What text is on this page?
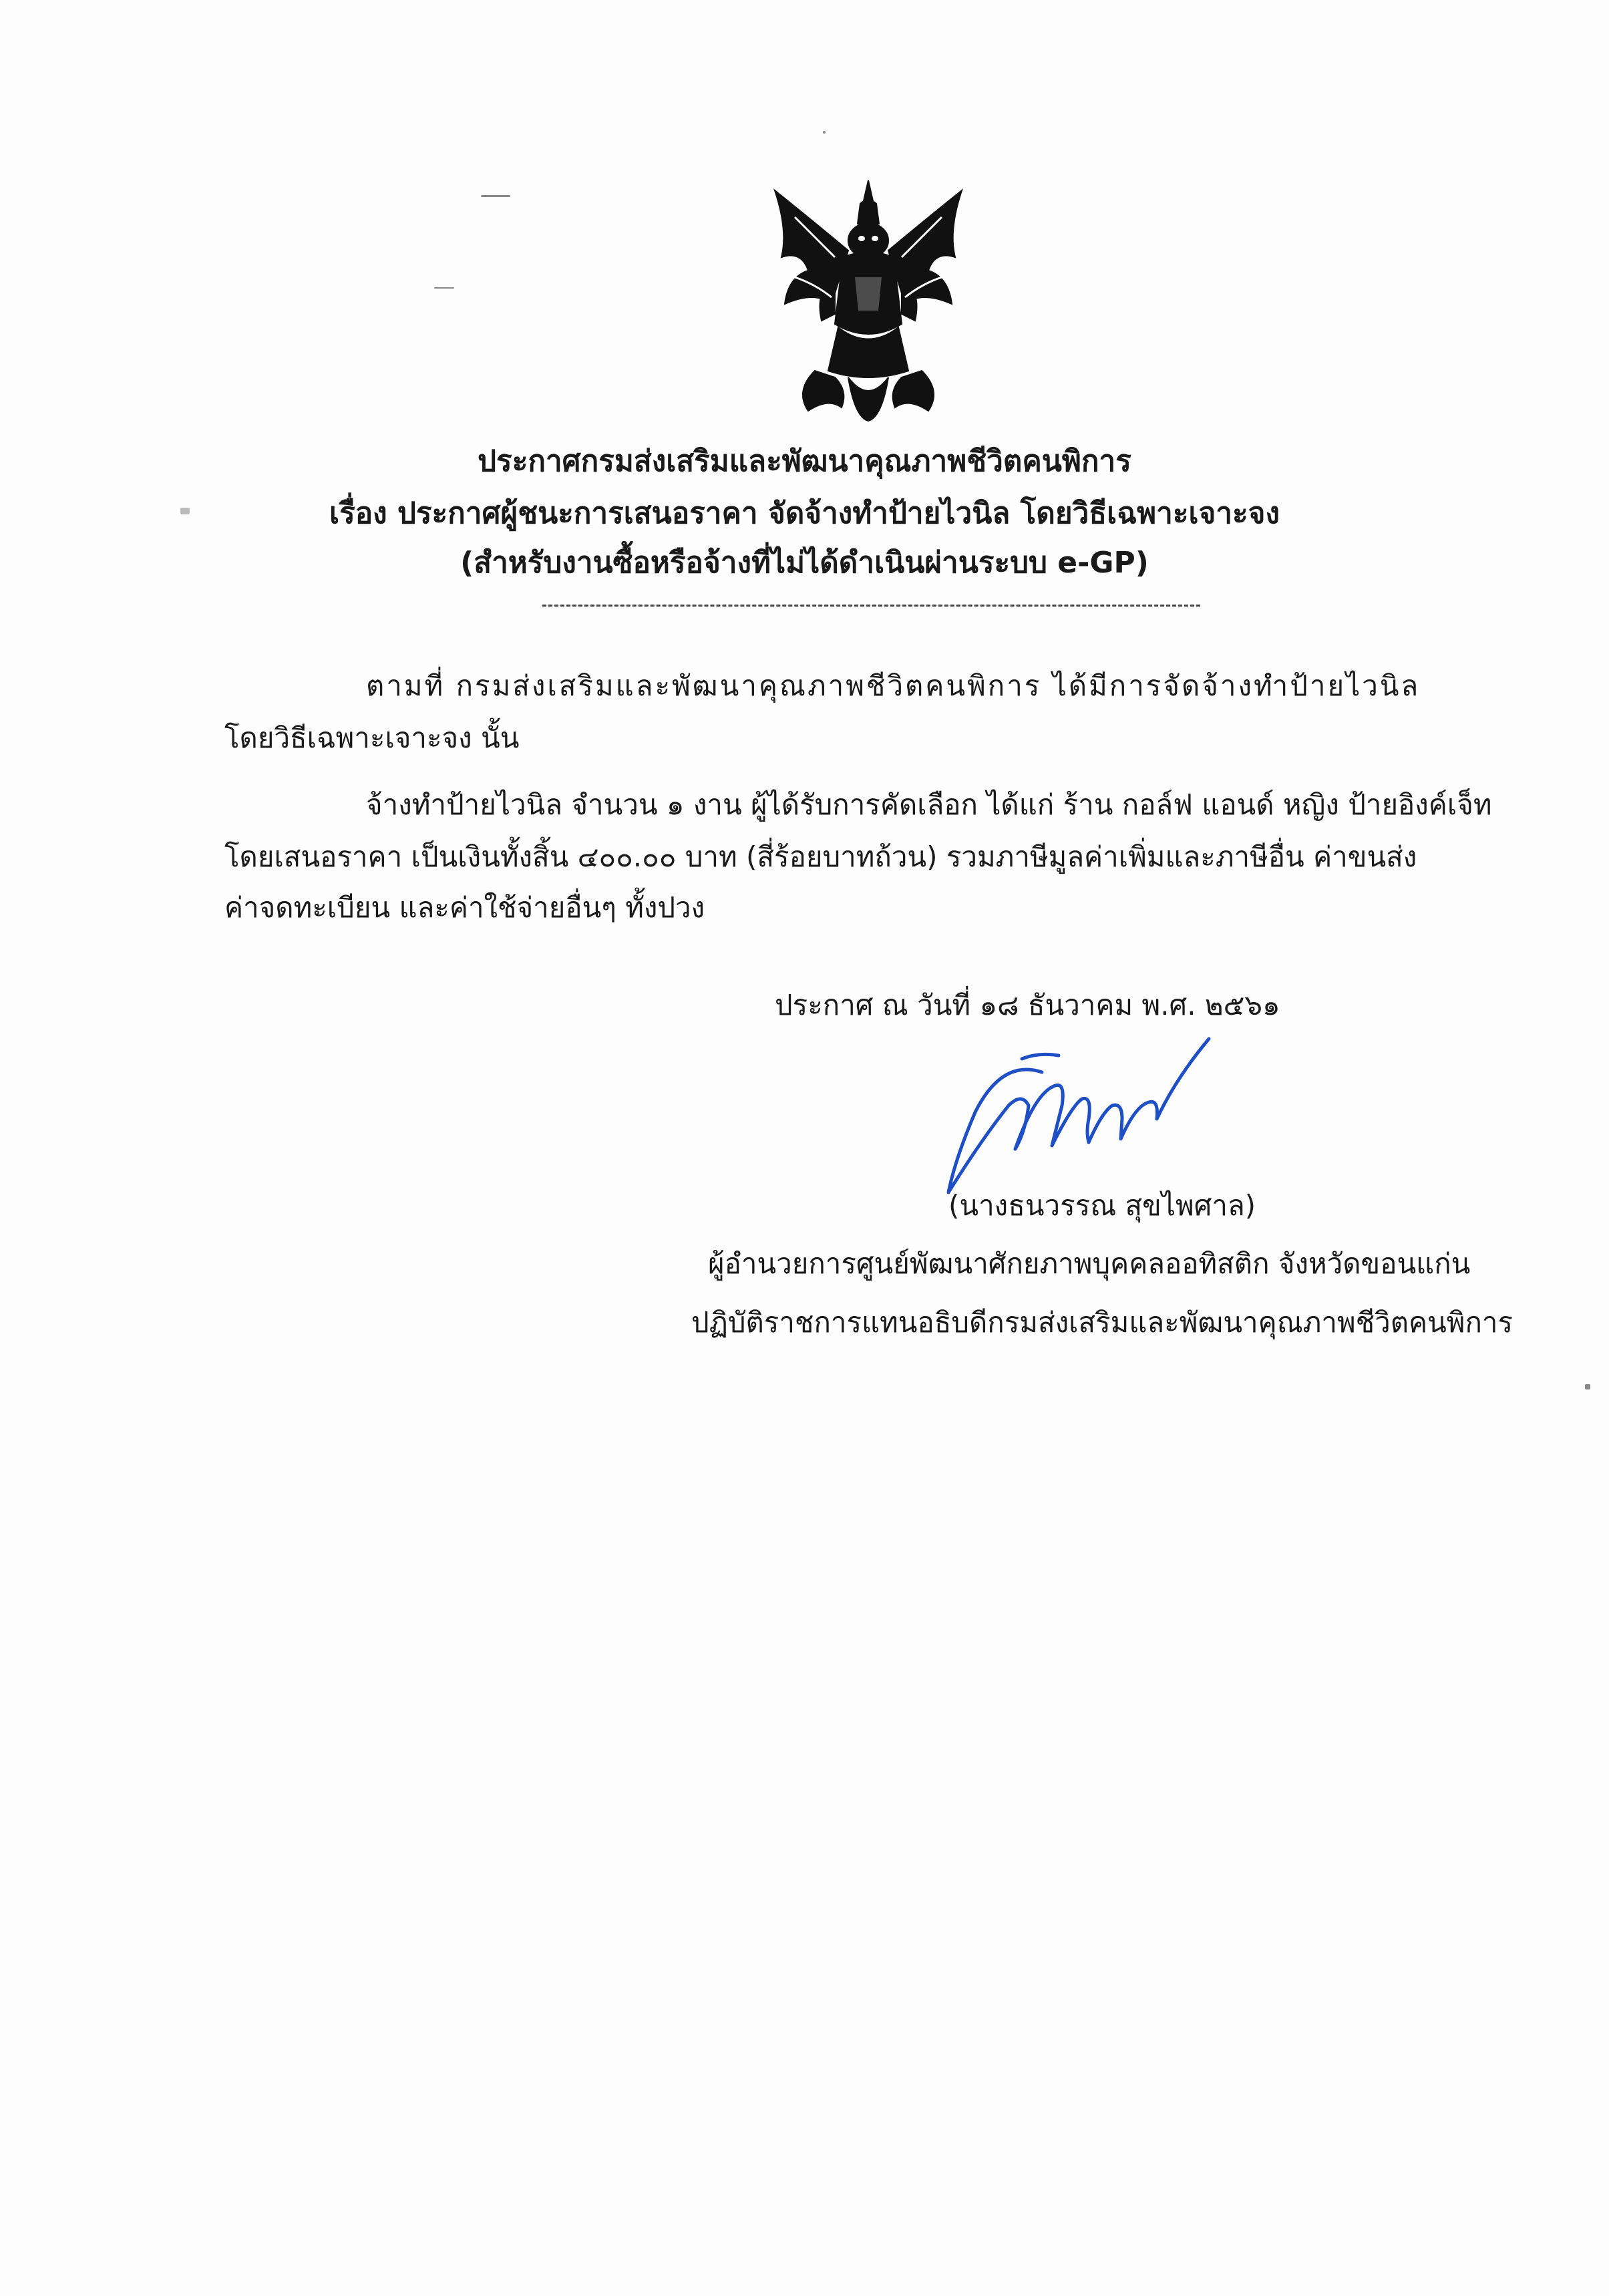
ประกาศกรมส่งเสริมและพัฒนาคุณภาพชีวิตคนพิการ
เรื่อง ประกาศผู้ชนะการเสนอราคา จัดจ้างทำป้ายไวนิล โดยวิธีเฉพาะเจาะจง
(สำหรับงานซื้อหรือจ้างที่ไม่ได้ดำเนินผ่านระบบ e-GP)
ตามที่ กรมส่งเสริมและพัฒนาคุณภาพชีวิตคนพิการ ได้มีการจัดจ้างทำป้ายไวนิล
โดยวิธีเฉพาะเจาะจง นั้น
จ้างทำป้ายไวนิล จำนวน ๑ งาน ผู้ได้รับการคัดเลือก ได้แก่ ร้าน กอล์ฟ แอนด์ หญิง ป้ายอิงค์เจ็ท
โดยเสนอราคา เป็นเงินทั้งสิ้น ๔๐๐.๐๐ บาท (สี่ร้อยบาทถ้วน) รวมภาษีมูลค่าเพิ่มและภาษีอื่น ค่าขนส่ง
ค่าจดทะเบียน และค่าใช้จ่ายอื่นๆ ทั้งปวง
ประกาศ ณ วันที่ ๑๘ ธันวาคม พ.ศ. ๒๕๖๑
(นางธนวรรณ สุขไพศาล)
ผู้อำนวยการศูนย์พัฒนาศักยภาพบุคคลออทิสติก จังหวัดขอนแก่น
ปฏิบัติราชการแทนอธิบดีกรมส่งเสริมและพัฒนาคุณภาพชีวิตคนพิการ
